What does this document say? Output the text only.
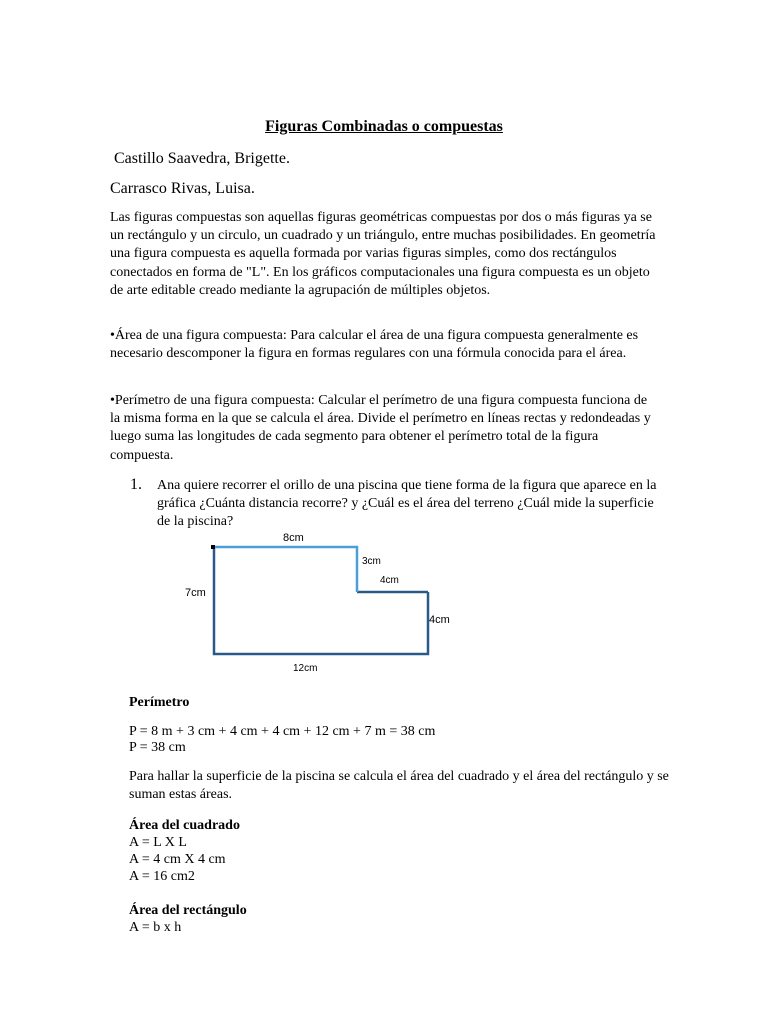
Figuras Combinadas o compuestas
Castillo Saavedra, Brigette.
Carrasco Rivas, Luisa.
Las figuras compuestas son aquellas figuras geométricas compuestas por dos o más figuras ya se un rectángulo y un circulo, un cuadrado y un triángulo, entre muchas posibilidades. En geometría una figura compuesta es aquella formada por varias figuras simples, como dos rectángulos conectados en forma de "L". En los gráficos computacionales una figura compuesta es un objeto de arte editable creado mediante la agrupación de múltiples objetos.
•Área de una figura compuesta: Para calcular el área de una figura compuesta generalmente es necesario descomponer la figura en formas regulares con una fórmula conocida para el área.
•Perímetro de una figura compuesta: Calcular el perímetro de una figura compuesta funciona de la misma forma en la que se calcula el área. Divide el perímetro en líneas rectas y redondeadas y luego suma las longitudes de cada segmento para obtener el perímetro total de la figura compuesta.
1. Ana quiere recorrer el orillo de una piscina que tiene forma de la figura que aparece en la gráfica ¿Cuánta distancia recorre? y ¿Cuál es el área del terreno ¿Cuál mide la superficie de la piscina?
8cm
3cm
4cm
7cm
4cm
12cm
Perímetro
P = 8 m + 3 cm + 4 cm + 4 cm + 12 cm + 7 m = 38 cm
P = 38 cm
Para hallar la superficie de la piscina se calcula el área del cuadrado y el área del rectángulo y se suman estas áreas.
Área del cuadrado
A = L X L
A = 4 cm X 4 cm
A = 16 cm2
Área del rectángulo
A = b x h
